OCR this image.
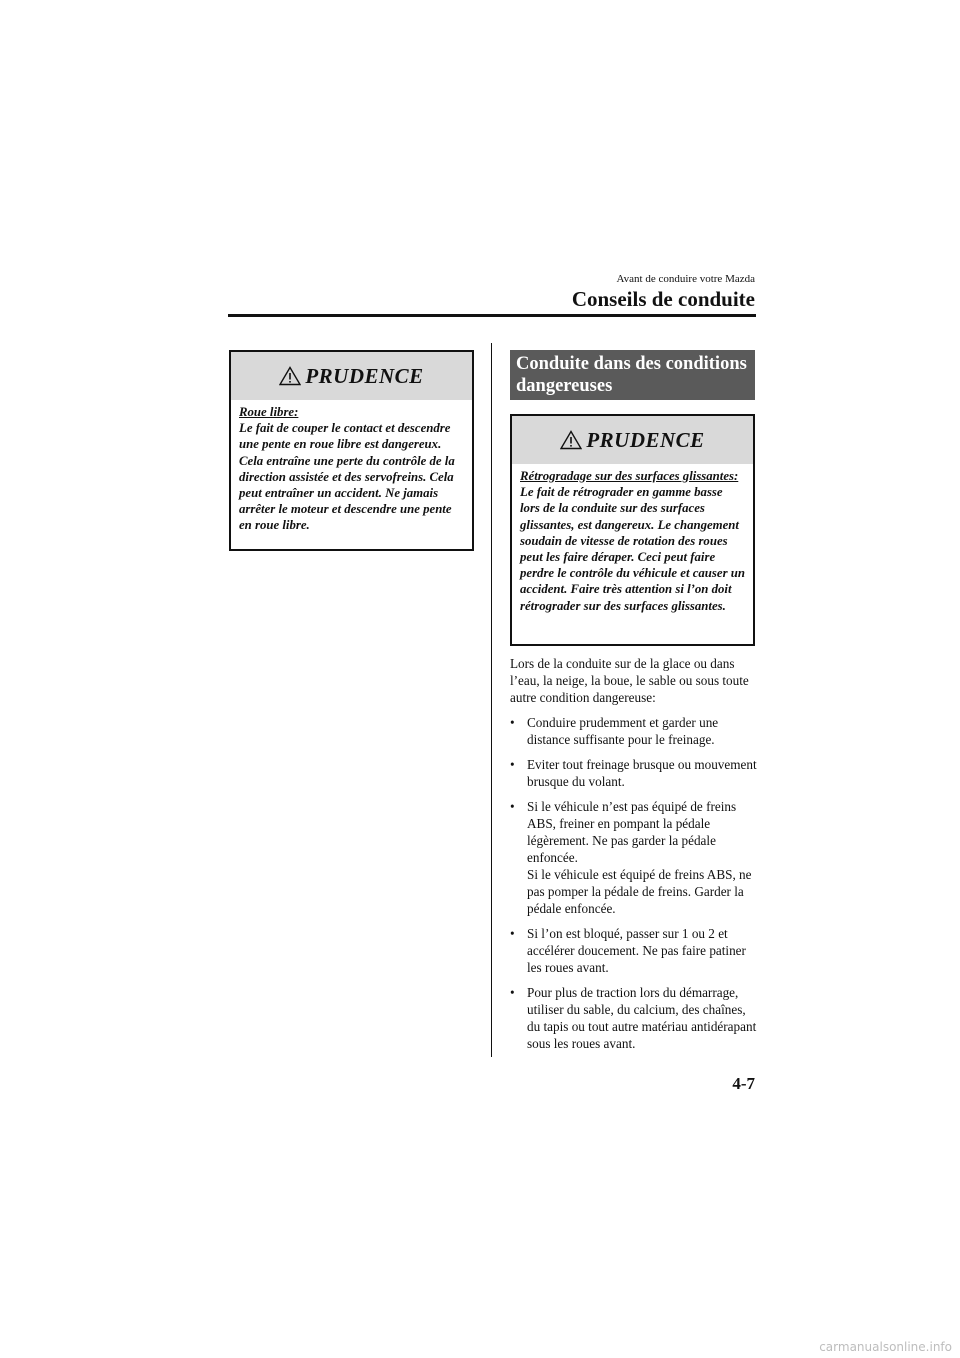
Avant de conduire votre Mazda
Conseils de conduite
PRUDENCE
Roue libre:

Le fait de couper le contact et descendre une pente en roue libre est dangereux. Cela entraîne une perte du contrôle de la direction assistée et des servofreins. Cela peut entraîner un accident. Ne jamais arrêter le moteur et descendre une pente en roue libre.

Conduite dans des conditions dangereuses
PRUDENCE
Rétrogradage sur des surfaces glissantes:

Le fait de rétrograder en gamme basse lors de la conduite sur des surfaces glissantes, est dangereux. Le changement soudain de vitesse de rotation des roues peut les faire déraper. Ceci peut faire perdre le contrôle du véhicule et causer un accident. Faire très attention si l’on doit rétrograder sur des surfaces glissantes.

Lors de la conduite sur de la glace ou dans l’eau, la neige, la boue, le sable ou sous toute autre condition dangereuse:

• Conduire prudemment et garder une distance suffisante pour le freinage.
• Eviter tout freinage brusque ou mouvement brusque du volant.
• Si le véhicule n’est pas équipé de freins ABS, freiner en pompant la pédale légèrement. Ne pas garder la pédale enfoncée.
Si le véhicule est équipé de freins ABS, ne pas pomper la pédale de freins. Garder la pédale enfoncée.
• Si l’on est bloqué, passer sur 1 ou 2 et accélérer doucement. Ne pas faire patiner les roues avant.
• Pour plus de traction lors du démarrage, utiliser du sable, du calcium, des chaînes, du tapis ou tout autre matériau antidérapant sous les roues avant.
4-7
carmanualsonline.info
